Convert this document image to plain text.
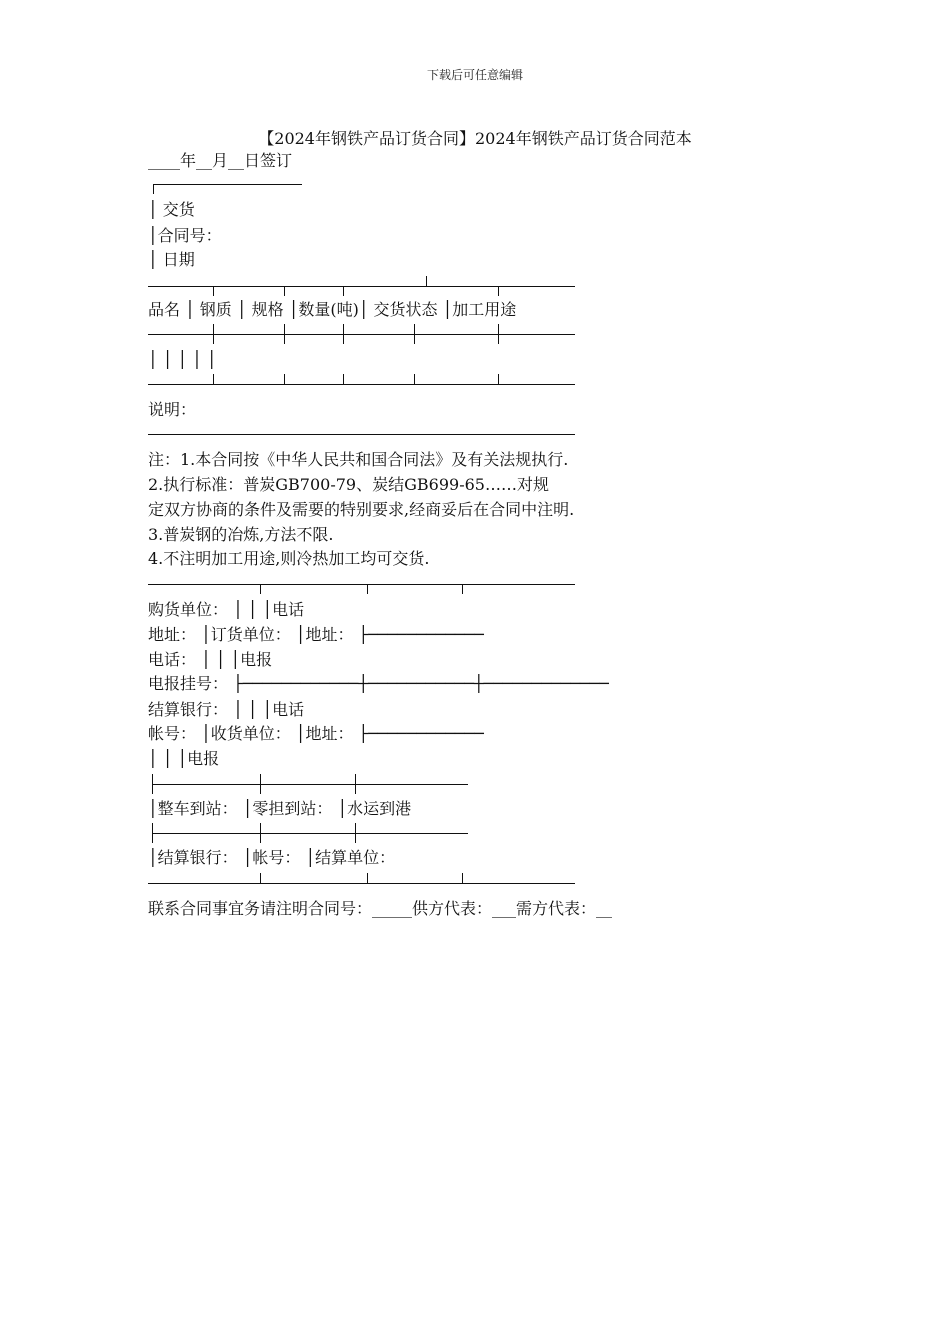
下载后可任意编辑
【2024年钢铁产品订货合同】2024年钢铁产品订货合同范本
____年__月__日签订
│ 交货
│合同号：
│ 日期
品名 │ 钢质 │ 规格 │数量(吨)│ 交货状态 │加工用途
│ │ │ │ │
说明：
注：1.本合同按《中华人民共和国合同法》及有关法规执行.
2.执行标准：普炭GB700-79、炭结GB699-65……对规
定双方协商的条件及需要的特别要求,经商妥后在合同中注明.
3.普炭钢的冶炼,方法不限.
4.不注明加工用途,则冷热加工均可交货.
购货单位： │ │ │电话
地址： │订货单位： │地址： ├────────────
电话： │ │ │电报
电报挂号： ├────────────┼───────────┼─────────────
结算银行： │ │ │电话
帐号： │收货单位： │地址： ├────────────
│ │ │电报
│整车到站： │零担到站： │水运到港
│结算银行： │帐号： │结算单位：
联系合同事宜务请注明合同号：_____供方代表：___需方代表：__
